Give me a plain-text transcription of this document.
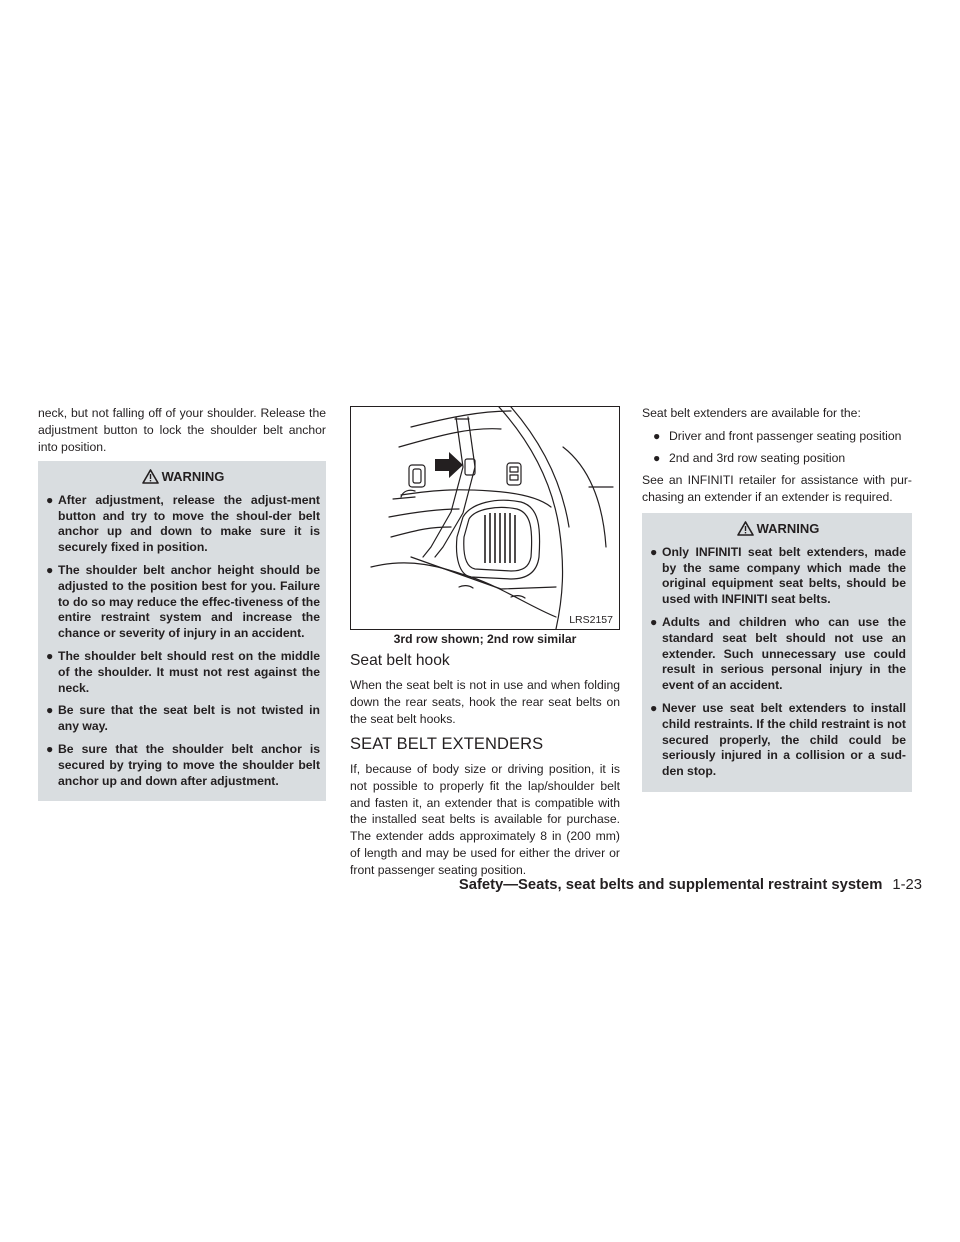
neck, but not falling off of your shoulder. Release the adjustment button to lock the shoulder belt anchor into position.

WARNING
● After adjustment, release the adjust-ment button and try to move the shoul-der belt anchor up and down to make sure it is securely fixed in position.
● The shoulder belt anchor height should be adjusted to the position best for you. Failure to do so may reduce the effec-tiveness of the entire restraint system and increase the chance or severity of injury in an accident.
● The shoulder belt should rest on the middle of the shoulder. It must not rest against the neck.
● Be sure that the seat belt is not twisted in any way.
● Be sure that the shoulder belt anchor is secured by trying to move the shoulder belt anchor up and down after adjustment.
LRS2157
3rd row shown; 2nd row similar
Seat belt hook

When the seat belt is not in use and when folding down the rear seats, hook the rear seat belts on the seat belt hooks.

SEAT BELT EXTENDERS

If, because of body size or driving position, it is not possible to properly fit the lap/shoulder belt and fasten it, an extender that is compatible with the installed seat belts is available for purchase. The extender adds approximately 8 in (200 mm) of length and may be used for either the driver or front passenger seating position.

Seat belt extenders are available for the:

● Driver and front passenger seating position
● 2nd and 3rd row seating position

See an INFINITI retailer for assistance with pur-chasing an extender if an extender is required.

WARNING
● Only INFINITI seat belt extenders, made by the same company which made the original equipment seat belts, should be used with INFINITI seat belts.
● Adults and children who can use the standard seat belt should not use an extender. Such unnecessary use could result in serious personal injury in the event of an accident.
● Never use seat belt extenders to install child restraints. If the child restraint is not secured properly, the child could be seriously injured in a collision or a sud-den stop.
Safety—Seats, seat belts and supplemental restraint system 1-23
